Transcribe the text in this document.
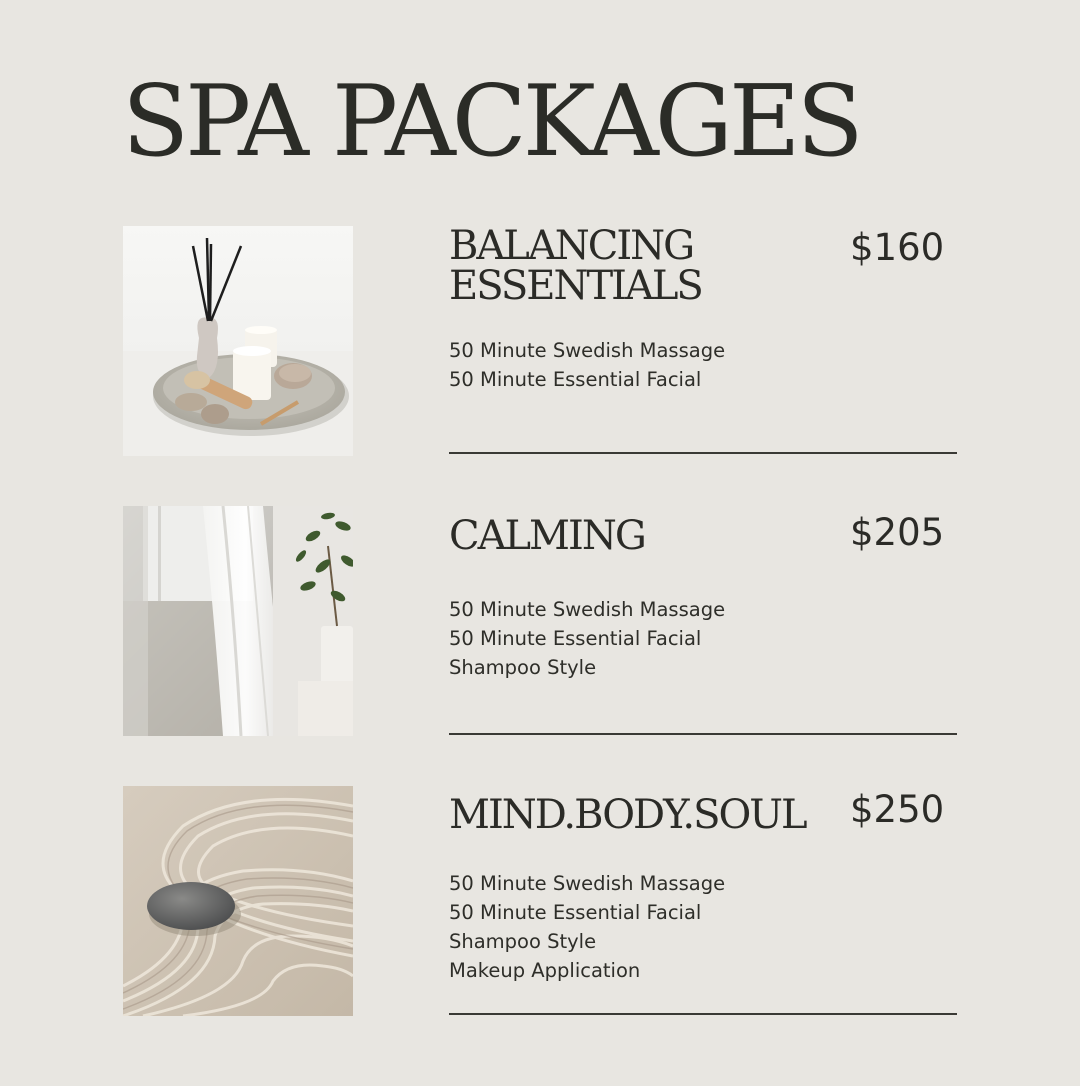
SPA PACKAGES
BALANCING
ESSENTIALS
$160
50 Minute Swedish Massage
50 Minute Essential Facial
CALMING	$205
50 Minute Swedish Massage
50 Minute Essential Facial
Shampoo Style
MIND.BODY.SOUL $250
50 Minute Swedish Massage
50 Minute Essential Facial
Shampoo Style
Makeup Application
